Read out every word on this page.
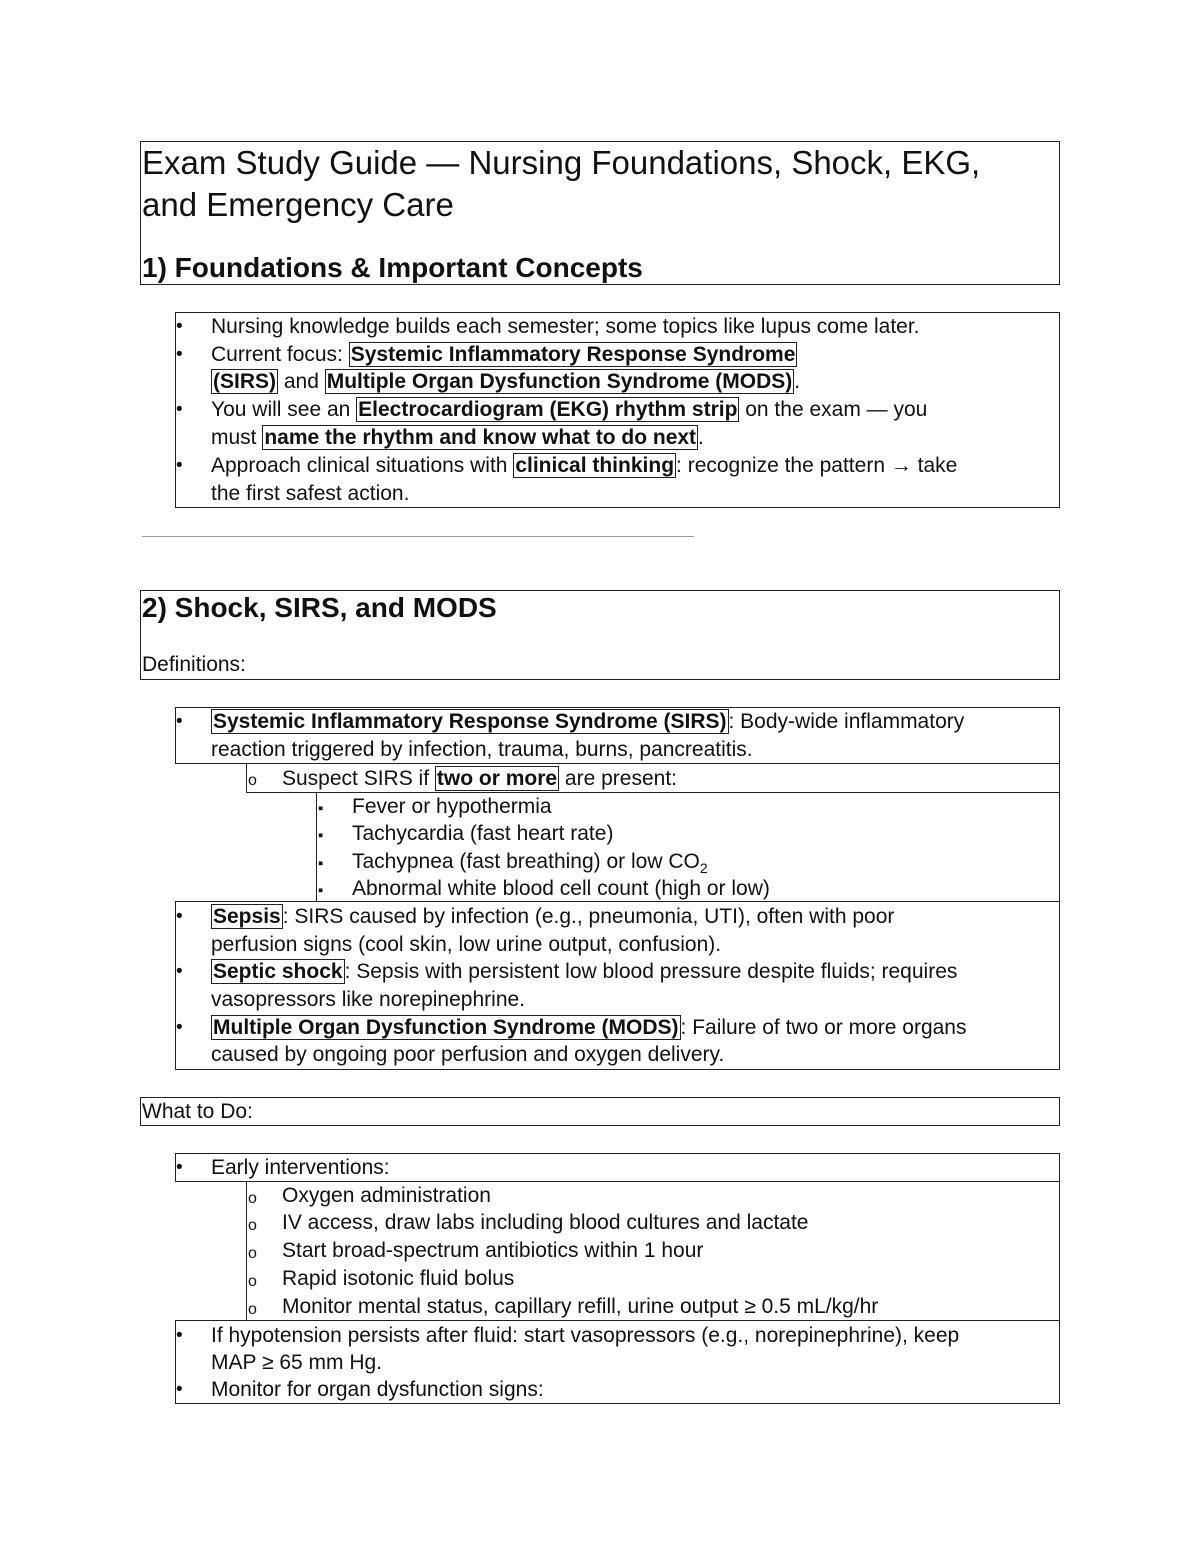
Exam Study Guide — Nursing Foundations, Shock, EKG,
and Emergency Care
1) Foundations & Important Concepts
•
Nursing knowledge builds each semester; some topics like lupus come later.
•
Current focus: Systemic Inflammatory Response Syndrome
(SIRS) and Multiple Organ Dysfunction Syndrome (MODS).
•
You will see an Electrocardiogram (EKG) rhythm strip on the exam — you
must name the rhythm and know what to do next.
•
Approach clinical situations with clinical thinking: recognize the pattern → take
the first safest action.
2) Shock, SIRS, and MODS
Definitions:
•
Systemic Inflammatory Response Syndrome (SIRS): Body-wide inflammatory
reaction triggered by infection, trauma, burns, pancreatitis.
o
Suspect SIRS if two or more are present:
▪
Fever or hypothermia
▪
Tachycardia (fast heart rate)
▪
Tachypnea (fast breathing) or low $CO_2$
▪
Abnormal white blood cell count (high or low)
•
Sepsis: SIRS caused by infection (e.g., pneumonia, UTI), often with poor
perfusion signs (cool skin, low urine output, confusion).
•
Septic shock: Sepsis with persistent low blood pressure despite fluids; requires
vasopressors like norepinephrine.
•
Multiple Organ Dysfunction Syndrome (MODS): Failure of two or more organs
caused by ongoing poor perfusion and oxygen delivery.
What to Do:
•
Early interventions:
o
Oxygen administration
o
IV access, draw labs including blood cultures and lactate
o
Start broad-spectrum antibiotics within 1 hour
o
Rapid isotonic fluid bolus
o
Monitor mental status, capillary refill, urine output ≥ 0.5 mL/kg/hr
•
If hypotension persists after fluid: start vasopressors (e.g., norepinephrine), keep
MAP ≥ 65 mm Hg.
•
Monitor for organ dysfunction signs:
